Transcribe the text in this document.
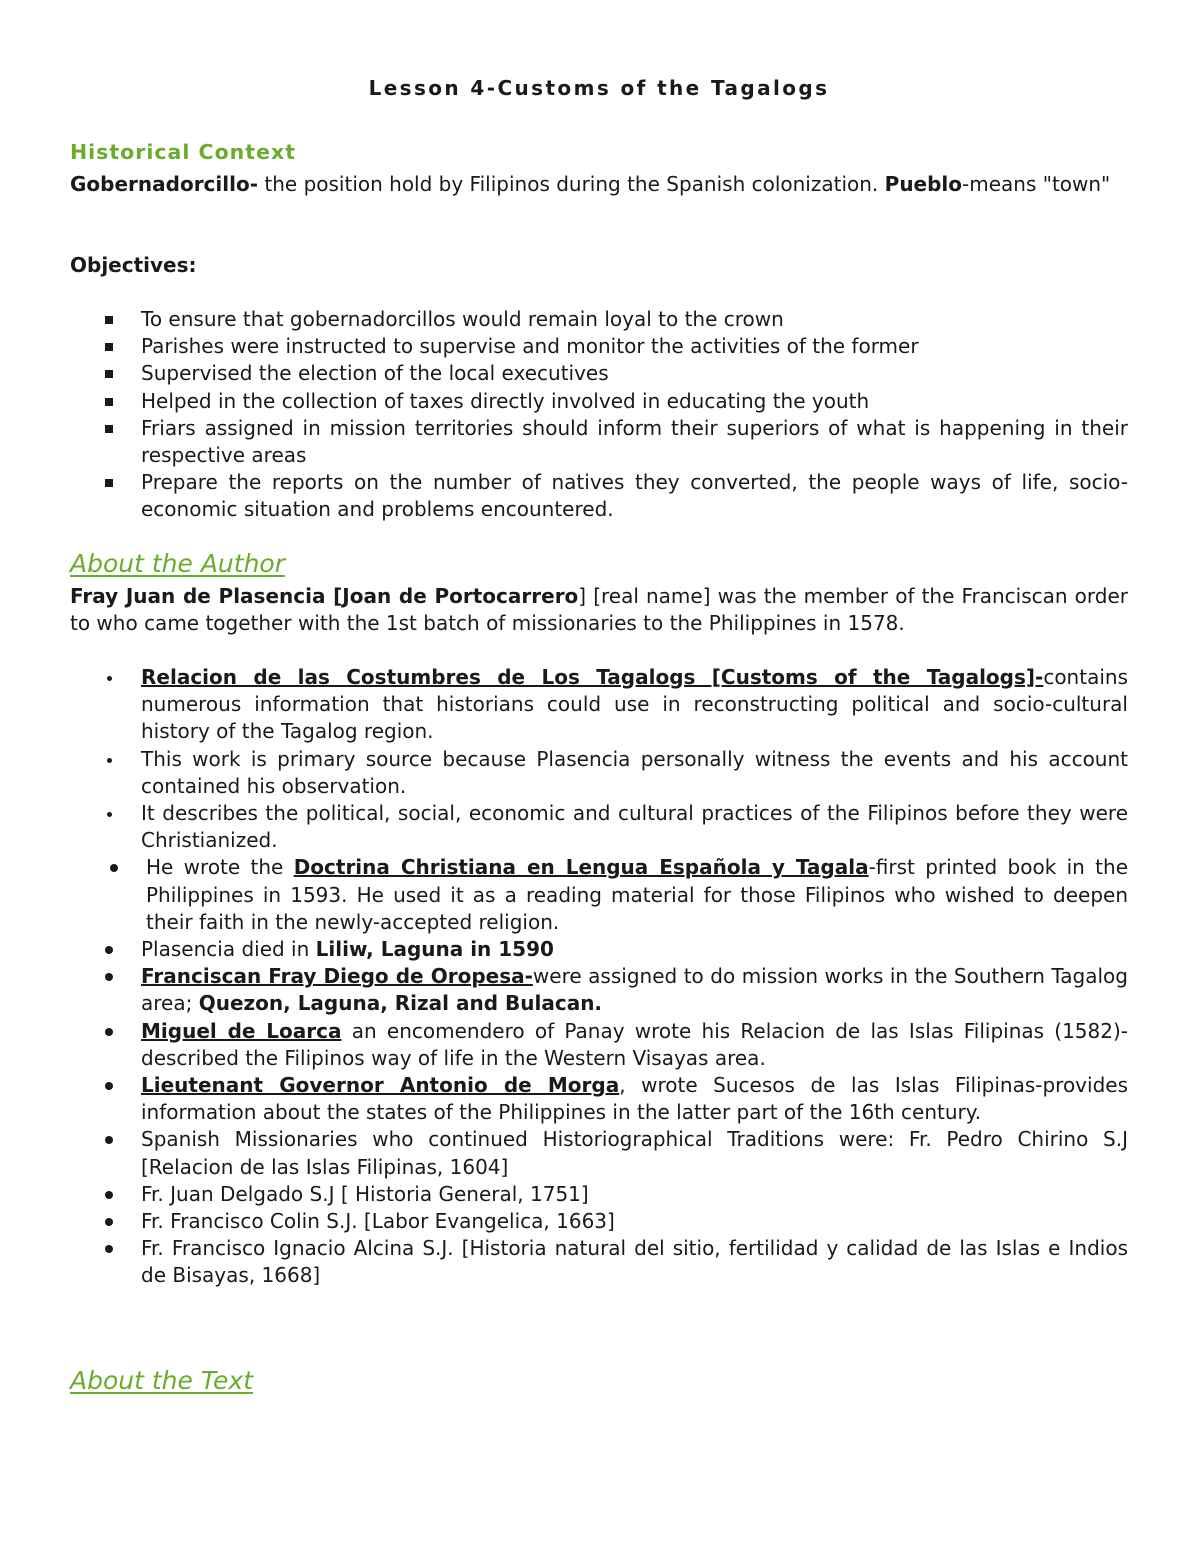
Lesson 4-Customs of the Tagalogs
Historical Context
Gobernadorcillo- the position hold by Filipinos during the Spanish colonization. Pueblo-means "town"
Objectives:
To ensure that gobernadorcillos would remain loyal to the crown
Parishes were instructed to supervise and monitor the activities of the former
Supervised the election of the local executives
Helped in the collection of taxes directly involved in educating the youth
Friars assigned in mission territories should inform their superiors of what is happening in their respective areas
Prepare the reports on the number of natives they converted, the people ways of life, socio-economic situation and problems encountered.
About the Author
Fray Juan de Plasencia [Joan de Portocarrero] [real name] was the member of the Franciscan order to who came together with the 1st batch of missionaries to the Philippines in 1578.
Relacion de las Costumbres de Los Tagalogs [Customs of the Tagalogs]-contains numerous information that historians could use in reconstructing political and socio-cultural history of the Tagalog region.
This work is primary source because Plasencia personally witness the events and his account contained his observation.
It describes the political, social, economic and cultural practices of the Filipinos before they were Christianized.
He wrote the Doctrina Christiana en Lengua Española y Tagala-first printed book in the Philippines in 1593. He used it as a reading material for those Filipinos who wished to deepen their faith in the newly-accepted religion.
Plasencia died in Liliw, Laguna in 1590
Franciscan Fray Diego de Oropesa-were assigned to do mission works in the Southern Tagalog area; Quezon, Laguna, Rizal and Bulacan.
Miguel de Loarca an encomendero of Panay wrote his Relacion de las Islas Filipinas (1582)-described the Filipinos way of life in the Western Visayas area.
Lieutenant Governor Antonio de Morga, wrote Sucesos de las Islas Filipinas-provides information about the states of the Philippines in the latter part of the 16th century.
Spanish Missionaries who continued Historiographical Traditions were: Fr. Pedro Chirino S.J [Relacion de las Islas Filipinas, 1604]
Fr. Juan Delgado S.J [ Historia General, 1751]
Fr. Francisco Colin S.J. [Labor Evangelica, 1663]
Fr. Francisco Ignacio Alcina S.J. [Historia natural del sitio, fertilidad y calidad de las Islas e Indios de Bisayas, 1668]
About the Text
